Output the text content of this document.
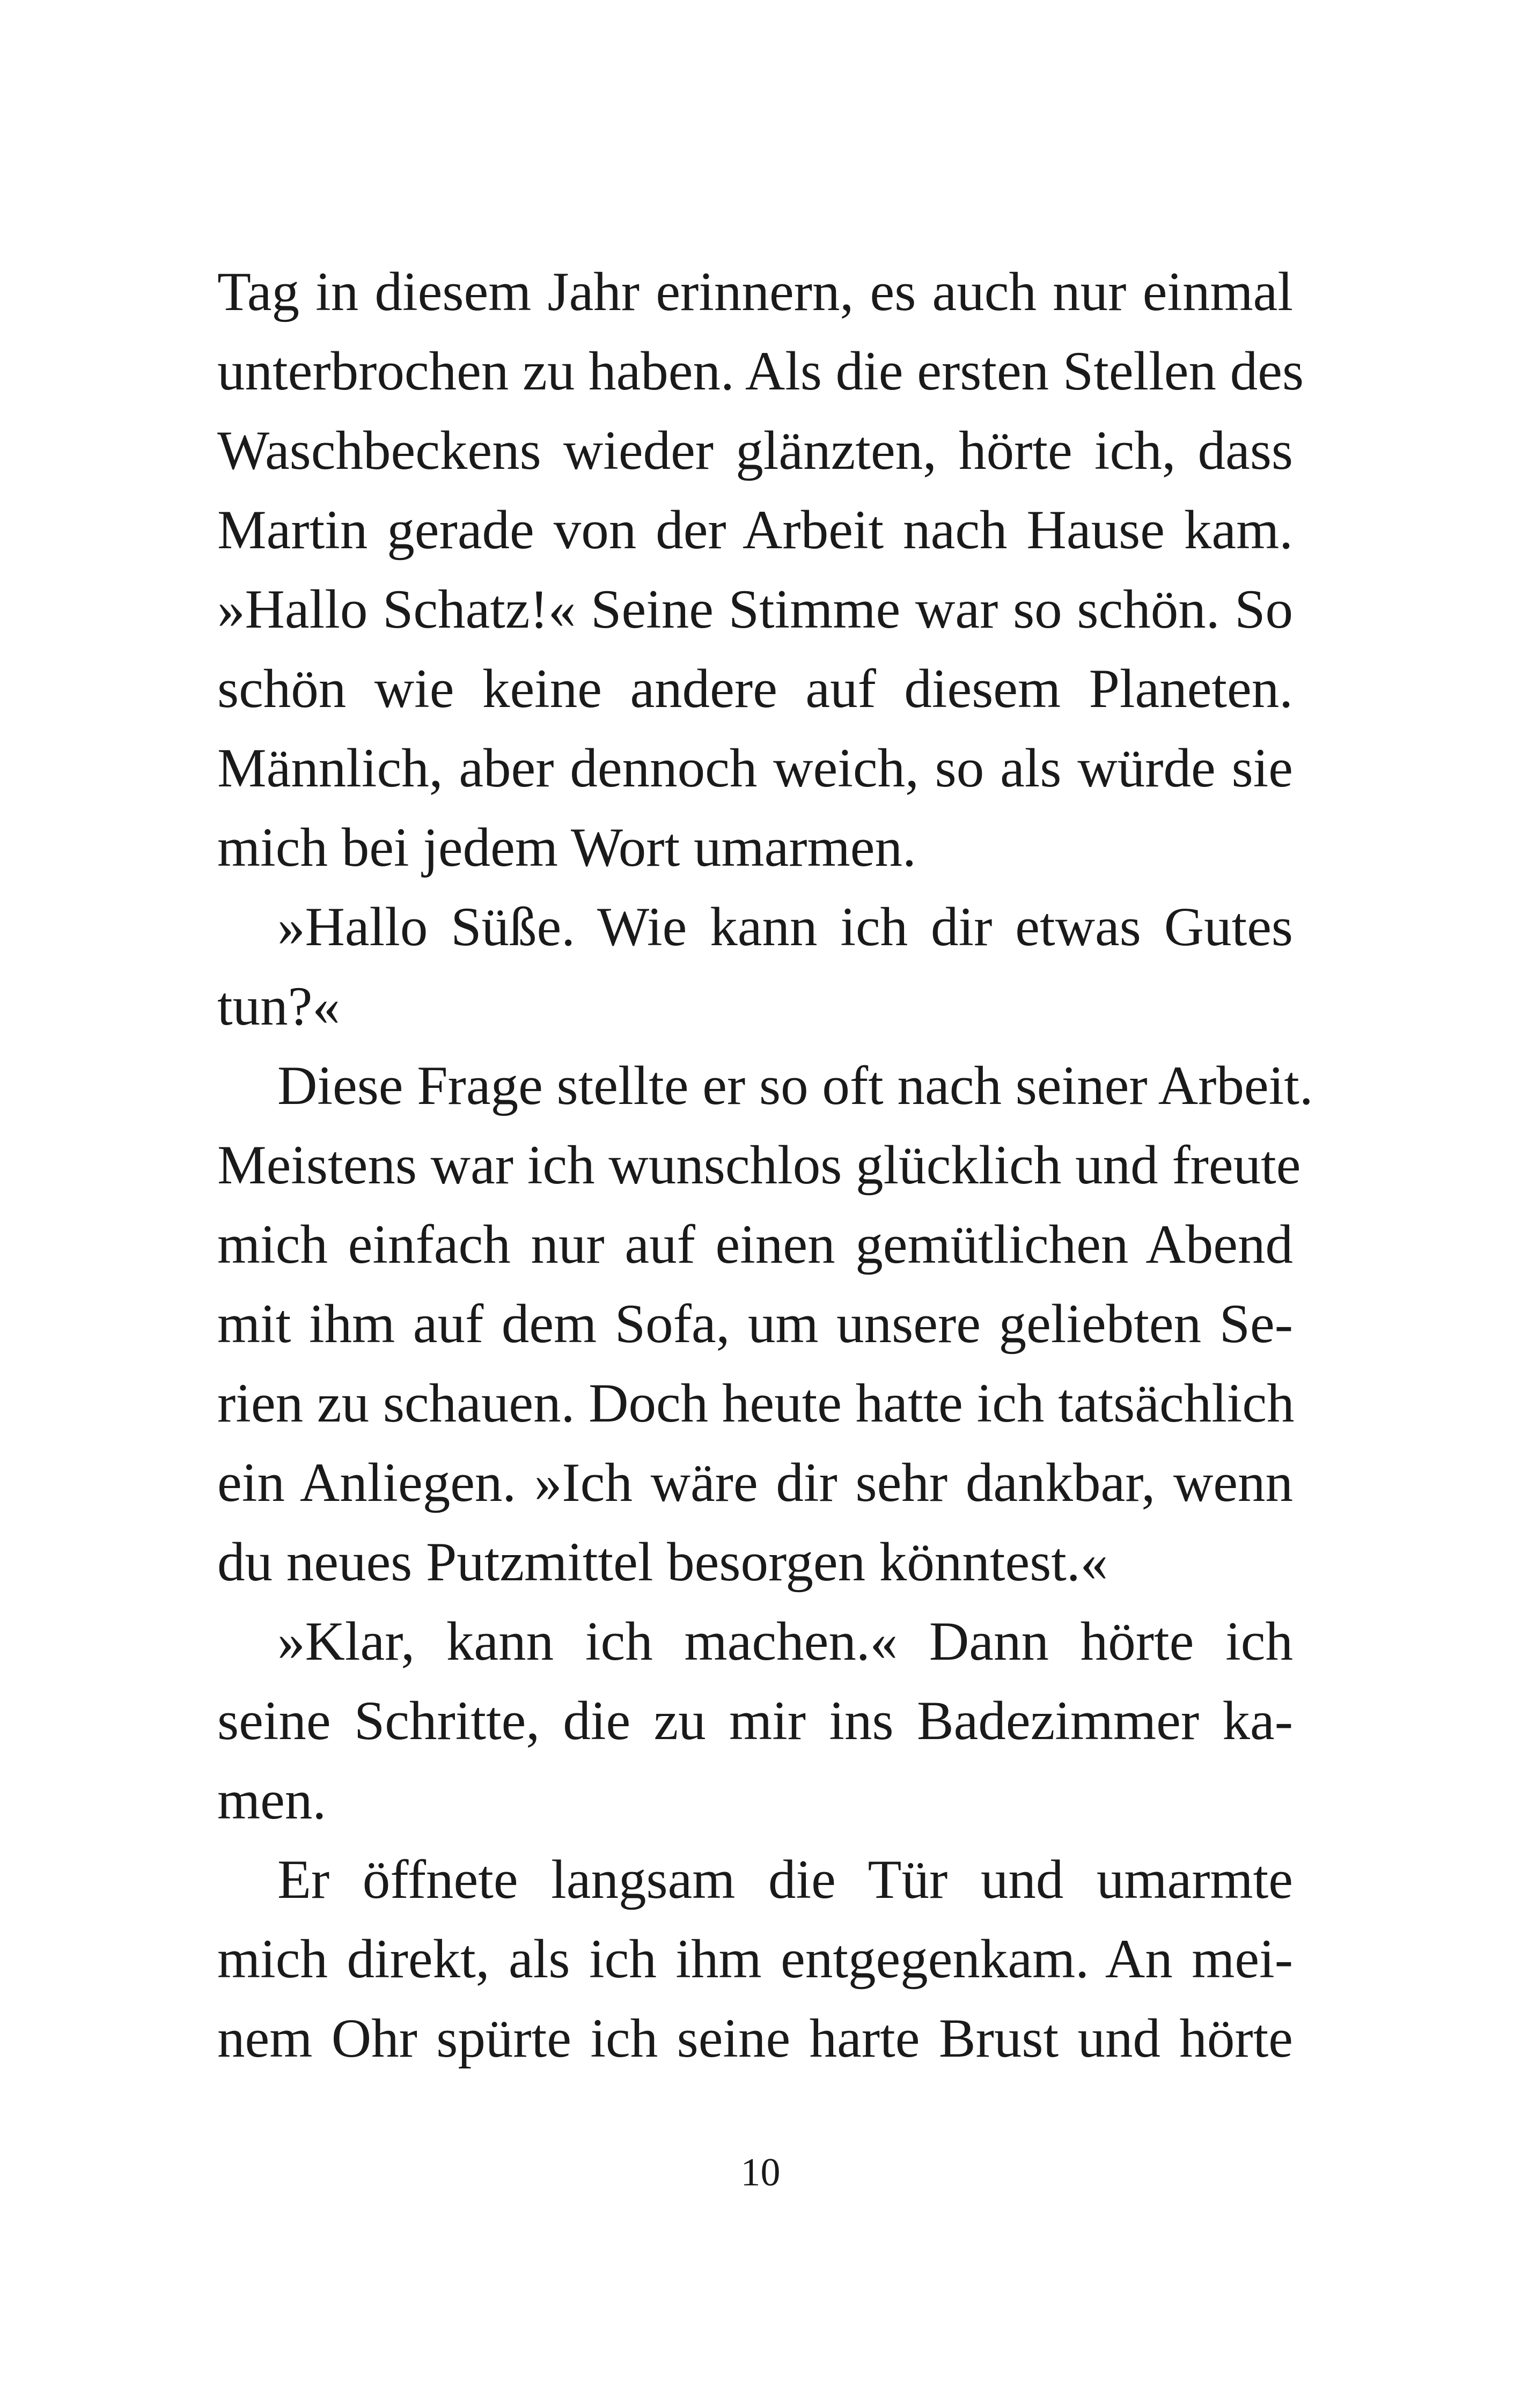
Tag in diesem Jahr erinnern, es auch nur einmal
unterbrochen zu haben. Als die ersten Stellen des
Waschbeckens wieder glänzten, hörte ich, dass
Martin gerade von der Arbeit nach Hause kam.
»Hallo Schatz!« Seine Stimme war so schön. So
schön wie keine andere auf diesem Planeten.
Männlich, aber dennoch weich, so als würde sie
mich bei jedem Wort umarmen.
»Hallo Süße. Wie kann ich dir etwas Gutes
tun?«
Diese Frage stellte er so oft nach seiner Arbeit.
Meistens war ich wunschlos glücklich und freute
mich einfach nur auf einen gemütlichen Abend
mit ihm auf dem Sofa, um unsere geliebten Se-
rien zu schauen. Doch heute hatte ich tatsächlich
ein Anliegen. »Ich wäre dir sehr dankbar, wenn
du neues Putzmittel besorgen könntest.«
»Klar, kann ich machen.« Dann hörte ich
seine Schritte, die zu mir ins Badezimmer ka-
men.
Er öffnete langsam die Tür und umarmte
mich direkt, als ich ihm entgegenkam. An mei-
nem Ohr spürte ich seine harte Brust und hörte
10
